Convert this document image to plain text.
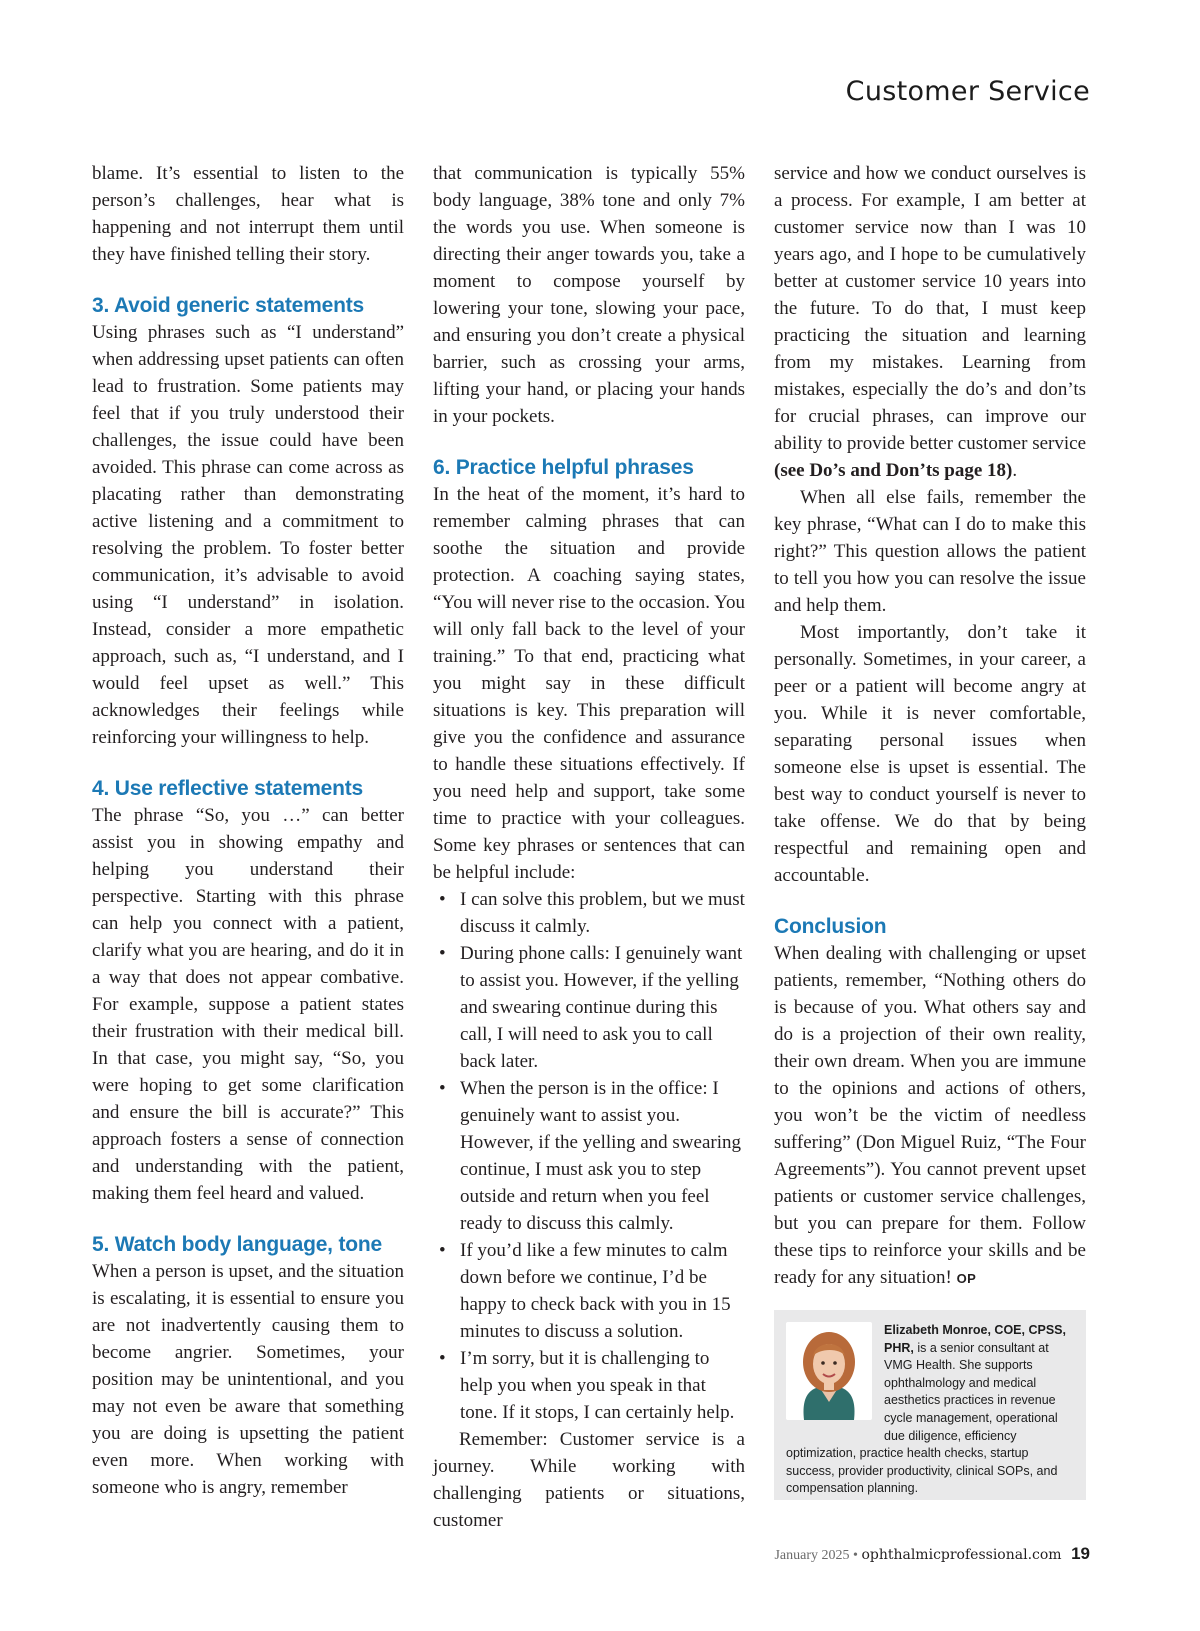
Customer Service

blame. It’s essential to listen to the person’s challenges, hear what is happening and not interrupt them until they have finished telling their story.

3. Avoid generic statements

Using phrases such as “I understand” when addressing upset patients can often lead to frustration. Some patients may feel that if you truly understood their challenges, the issue could have been avoided. This phrase can come across as placating rather than demonstrating active listening and a commitment to resolving the problem. To foster better communication, it’s advisable to avoid using “I understand” in isolation. Instead, consider a more empathetic approach, such as, “I understand, and I would feel upset as well.” This acknowledges their feelings while reinforcing your willingness to help.

4. Use reflective statements

The phrase “So, you …” can better assist you in showing empathy and helping you understand their perspective. Starting with this phrase can help you connect with a patient, clarify what you are hearing, and do it in a way that does not appear combative. For example, suppose a patient states their frustration with their medical bill. In that case, you might say, “So, you were hoping to get some clarification and ensure the bill is accurate?” This approach fosters a sense of connection and understanding with the patient, making them feel heard and valued.

5. Watch body language, tone

When a person is upset, and the situation is escalating, it is essential to ensure you are not inadvertently causing them to become angrier. Sometimes, your position may be unintentional, and you may not even be aware that something you are doing is upsetting the patient even more. When working with someone who is angry, remember

that communication is typically 55% body language, 38% tone and only 7% the words you use. When someone is directing their anger towards you, take a moment to compose yourself by lowering your tone, slowing your pace, and ensuring you don’t create a physical barrier, such as crossing your arms, lifting your hand, or placing your hands in your pockets.

6. Practice helpful phrases

In the heat of the moment, it’s hard to remember calming phrases that can soothe the situation and provide protection. A coaching saying states, “You will never rise to the occasion. You will only fall back to the level of your training.” To that end, practicing what you might say in these difficult situations is key. This preparation will give you the confidence and assurance to handle these situations effectively. If you need help and support, take some time to practice with your colleagues. Some key phrases or sentences that can be helpful include:

• I can solve this problem, but we must discuss it calmly.
• During phone calls: I genuinely want to assist you. However, if the yelling and swearing continue during this call, I will need to ask you to call back later.
• When the person is in the office: I genuinely want to assist you. However, if the yelling and swearing continue, I must ask you to step outside and return when you feel ready to discuss this calmly.
• If you’d like a few minutes to calm down before we continue, I’d be happy to check back with you in 15 minutes to discuss a solution.
• I’m sorry, but it is challenging to help you when you speak in that tone. If it stops, I can certainly help.

Remember: Customer service is a journey. While working with challenging patients or situations, customer

service and how we conduct ourselves is a process. For example, I am better at customer service now than I was 10 years ago, and I hope to be cumulatively better at customer service 10 years into the future. To do that, I must keep practicing the situation and learning from my mistakes. Learning from mistakes, especially the do’s and don’ts for crucial phrases, can improve our ability to provide better customer service (see Do’s and Don’ts page 18).

When all else fails, remember the key phrase, “What can I do to make this right?” This question allows the patient to tell you how you can resolve the issue and help them.

Most importantly, don’t take it personally. Sometimes, in your career, a peer or a patient will become angry at you. While it is never comfortable, separating personal issues when someone else is upset is essential. The best way to conduct yourself is never to take offense. We do that by being respectful and remaining open and accountable.

Conclusion

When dealing with challenging or upset patients, remember, “Nothing others do is because of you. What others say and do is a projection of their own reality, their own dream. When you are immune to the opinions and actions of others, you won’t be the victim of needless suffering” (Don Miguel Ruiz, “The Four Agreements”). You cannot prevent upset patients or customer service challenges, but you can prepare for them. Follow these tips to reinforce your skills and be ready for any situation! OP

Elizabeth Monroe, COE, CPSS, PHR, is a senior consultant at VMG Health. She supports ophthalmology and medical aesthetics practices in revenue cycle management, operational due diligence, efficiency optimization, practice health checks, startup success, provider productivity, clinical SOPs, and compensation planning.
January 2025 • ophthalmicprofessional.com 19
